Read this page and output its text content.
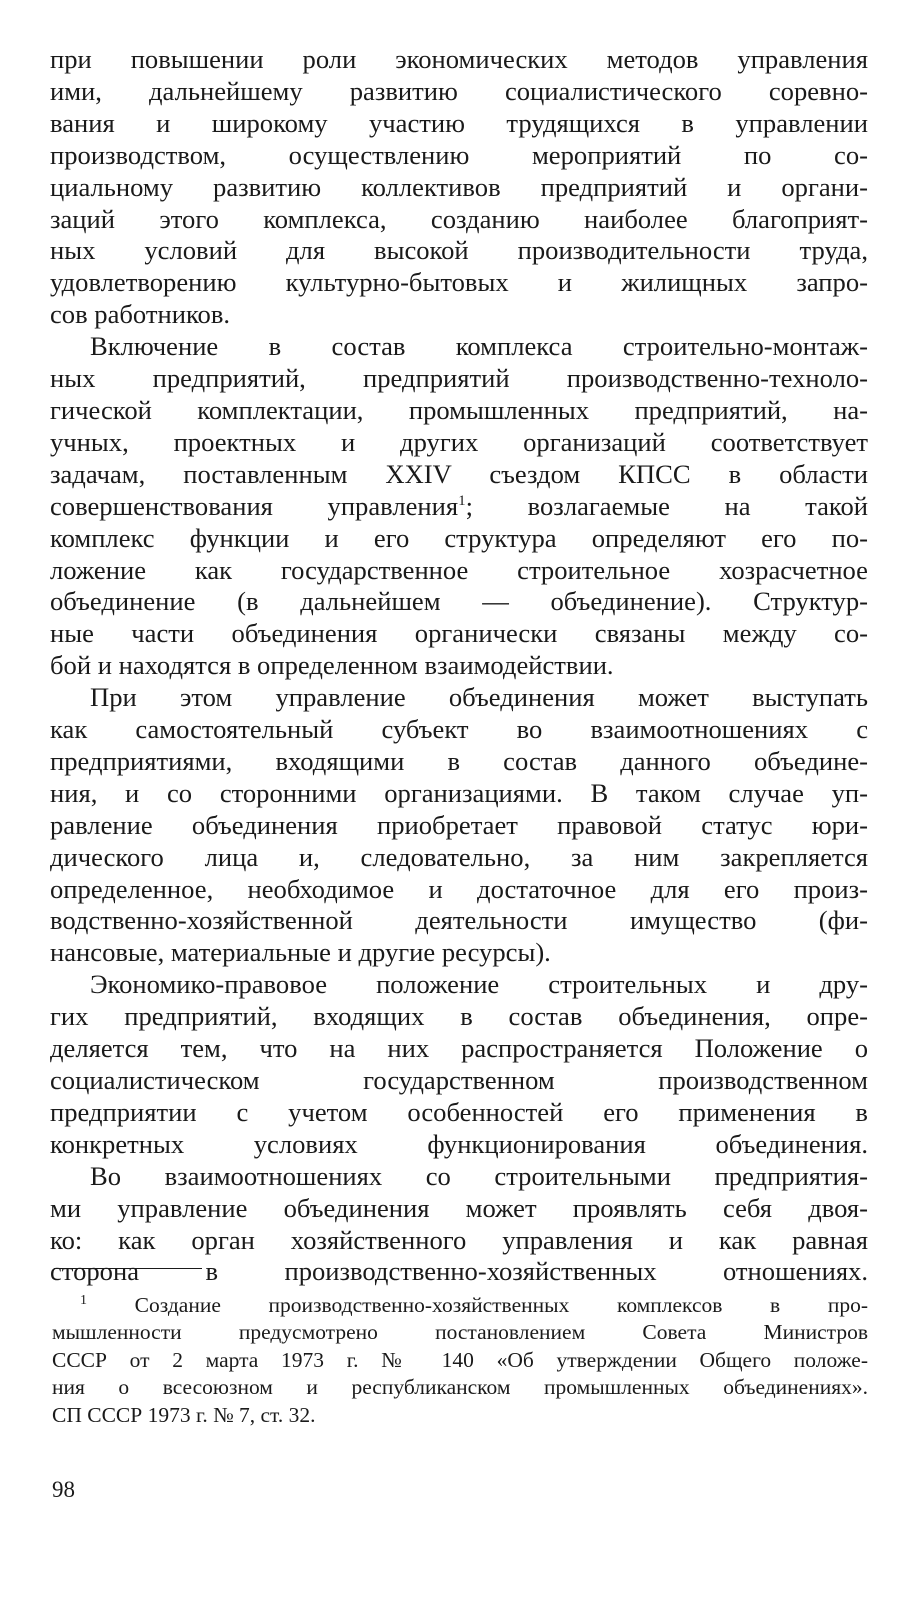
при повышении роли экономических методов управления
ими, дальнейшему развитию социалистического соревно-
вания и широкому участию трудящихся в управлении
производством, осуществлению мероприятий по со-
циальному развитию коллективов предприятий и органи-
заций этого комплекса, созданию наиболее благоприят-
ных условий для высокой производительности труда,
удовлетворению культурно-бытовых и жилищных запро-
сов работников.

Включение в состав комплекса строительно-монтаж-
ных предприятий, предприятий производственно-техноло-
гической комплектации, промышленных предприятий, на-
учных, проектных и других организаций соответствует
задачам, поставленным XXIV съездом КПСС в области
совершенствования управления$^1$; возлагаемые на такой
комплекс функции и его структура определяют его по-
ложение как государственное строительное хозрасчетное
объединение (в дальнейшем — объединение). Структур-
ные части объединения органически связаны между со-
бой и находятся в определенном взаимодействии.

При этом управление объединения может выступать
как самостоятельный субъект во взаимоотношениях с
предприятиями, входящими в состав данного объедине-
ния, и со сторонними организациями. В таком случае уп-
равление объединения приобретает правовой статус юри-
дического лица и, следовательно, за ним закрепляется
определенное, необходимое и достаточное для его произ-
водственно-хозяйственной деятельности имущество (фи-
нансовые, материальные и другие ресурсы).

Экономико-правовое положение строительных и дру-
гих предприятий, входящих в состав объединения, опре-
деляется тем, что на них распространяется Положение о
социалистическом государственном производственном
предприятии с учетом особенностей его применения в
конкретных условиях функционирования объединения.

Во взаимоотношениях со строительными предприятия-
ми управление объединения может проявлять себя двоя-
ко: как орган хозяйственного управления и как равная
сторона в производственно-хозяйственных отношениях.

$^1$ Создание производственно-хозяйственных комплексов в про-
мышленности предусмотрено постановлением Совета Министров
СССР от 2 марта 1973 г. № 140 «Об утверждении Общего положе-
ния о всесоюзном и республиканском промышленных объединениях».
СП СССР 1973 г. № 7, ст. 32.
98
